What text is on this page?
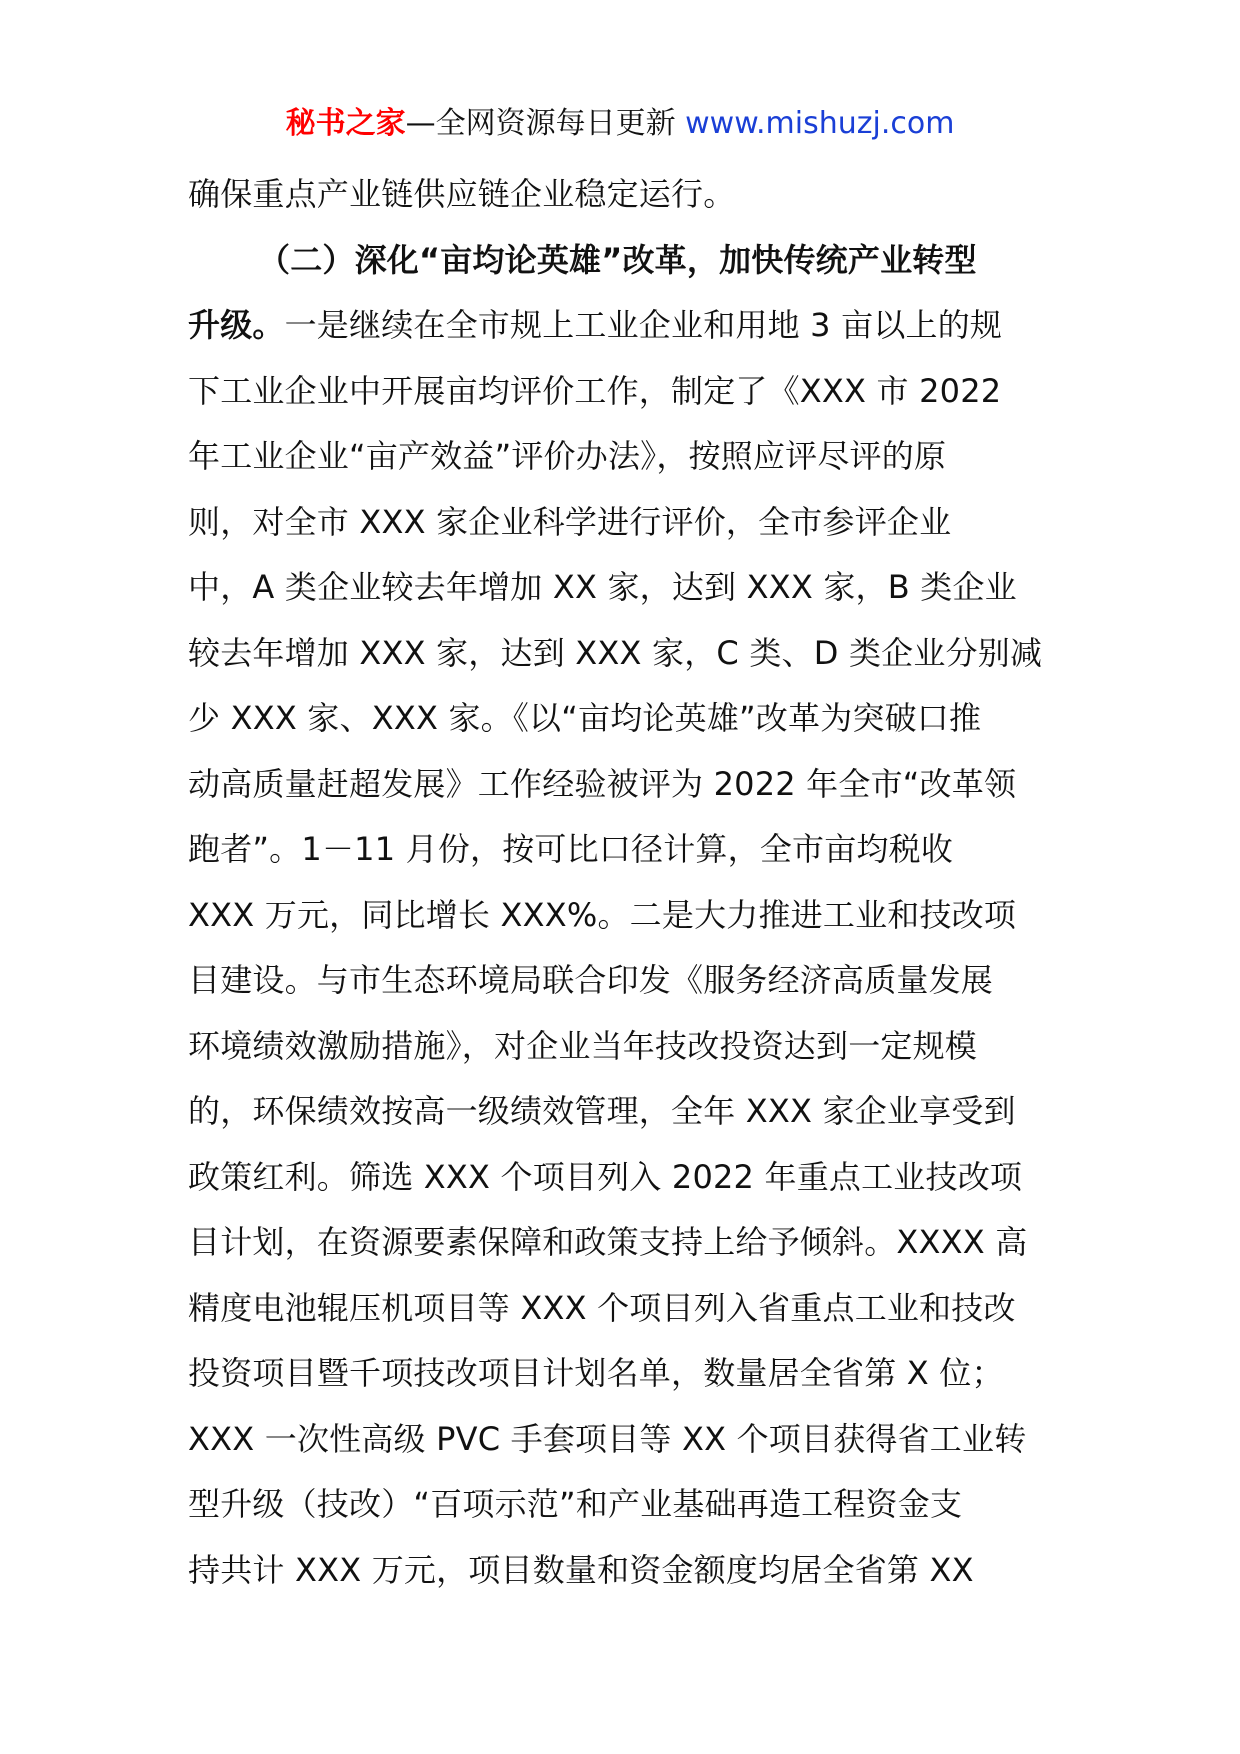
秘书之家—全网资源每日更新 www.mishuzj.com
确保重点产业链供应链企业稳定运行。
（二）深化“亩均论英雄”改革，加快传统产业转型
升级。一是继续在全市规上工业企业和用地 3 亩以上的规
下工业企业中开展亩均评价工作，制定了《XXX 市 2022
年工业企业“亩产效益”评价办法》，按照应评尽评的原
则，对全市 XXX 家企业科学进行评价，全市参评企业
中，A 类企业较去年增加 XX 家，达到 XXX 家，B 类企业
较去年增加 XXX 家，达到 XXX 家，C 类、D 类企业分别减
少 XXX 家、XXX 家。《以“亩均论英雄”改革为突破口推
动高质量赶超发展》工作经验被评为 2022 年全市“改革领
跑者”。1－11 月份，按可比口径计算，全市亩均税收
XXX 万元，同比增长 XXX%。二是大力推进工业和技改项
目建设。与市生态环境局联合印发《服务经济高质量发展
环境绩效激励措施》，对企业当年技改投资达到一定规模
的，环保绩效按高一级绩效管理，全年 XXX 家企业享受到
政策红利。筛选 XXX 个项目列入 2022 年重点工业技改项
目计划，在资源要素保障和政策支持上给予倾斜。XXXX 高
精度电池辊压机项目等 XXX 个项目列入省重点工业和技改
投资项目暨千项技改项目计划名单，数量居全省第 X 位；
XXX 一次性高级 PVC 手套项目等 XX 个项目获得省工业转
型升级（技改）“百项示范”和产业基础再造工程资金支
持共计 XXX 万元，项目数量和资金额度均居全省第 XX
